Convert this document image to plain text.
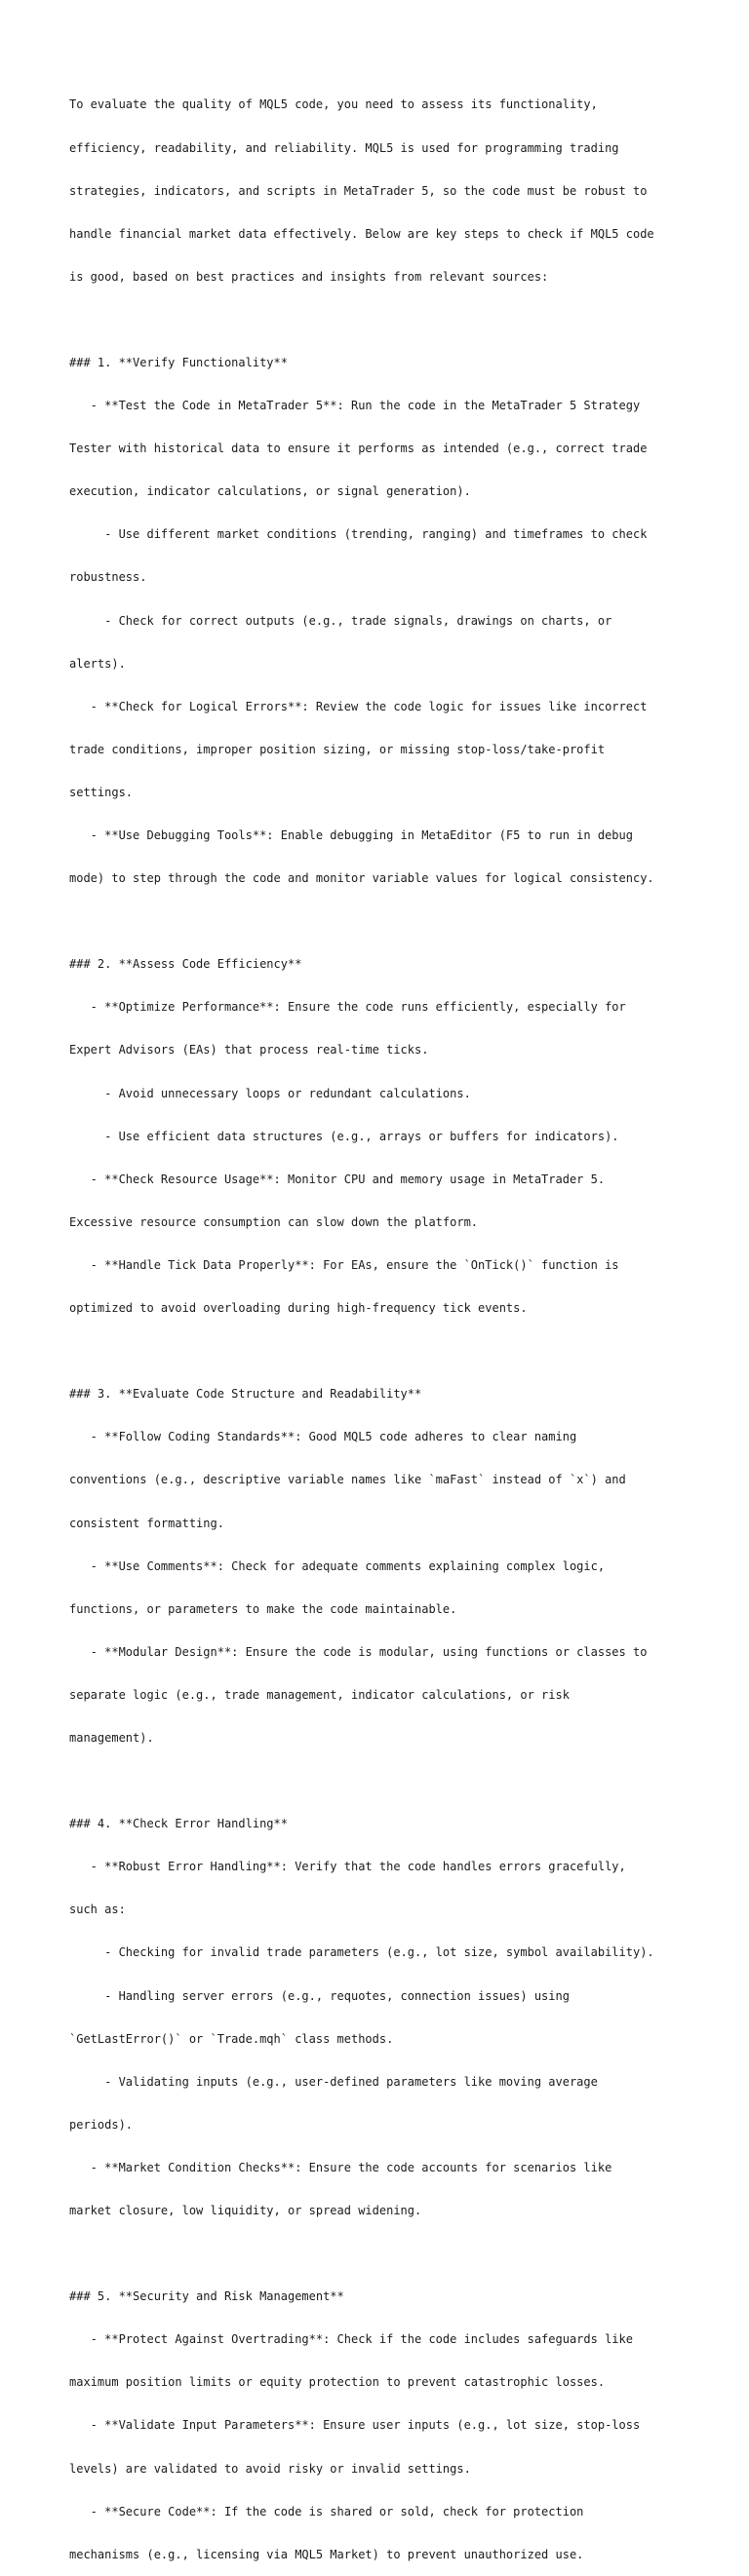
To evaluate the quality of MQL5 code, you need to assess its functionality,

efficiency, readability, and reliability. MQL5 is used for programming trading

strategies, indicators, and scripts in MetaTrader 5, so the code must be robust to

handle financial market data effectively. Below are key steps to check if MQL5 code

is good, based on best practices and insights from relevant sources:

### 1. **Verify Functionality**

- **Test the Code in MetaTrader 5**: Run the code in the MetaTrader 5 Strategy

Tester with historical data to ensure it performs as intended (e.g., correct trade

execution, indicator calculations, or signal generation).

- Use different market conditions (trending, ranging) and timeframes to check

robustness.

- Check for correct outputs (e.g., trade signals, drawings on charts, or

alerts).

- **Check for Logical Errors**: Review the code logic for issues like incorrect

trade conditions, improper position sizing, or missing stop-loss/take-profit

settings.

- **Use Debugging Tools**: Enable debugging in MetaEditor (F5 to run in debug

mode) to step through the code and monitor variable values for logical consistency.

### 2. **Assess Code Efficiency**

- **Optimize Performance**: Ensure the code runs efficiently, especially for

Expert Advisors (EAs) that process real-time ticks.

- Avoid unnecessary loops or redundant calculations.

- Use efficient data structures (e.g., arrays or buffers for indicators).

- **Check Resource Usage**: Monitor CPU and memory usage in MetaTrader 5.

Excessive resource consumption can slow down the platform.

- **Handle Tick Data Properly**: For EAs, ensure the `OnTick()` function is

optimized to avoid overloading during high-frequency tick events.

### 3. **Evaluate Code Structure and Readability**

- **Follow Coding Standards**: Good MQL5 code adheres to clear naming

conventions (e.g., descriptive variable names like `maFast` instead of `x`) and

consistent formatting.

- **Use Comments**: Check for adequate comments explaining complex logic,

functions, or parameters to make the code maintainable.

- **Modular Design**: Ensure the code is modular, using functions or classes to

separate logic (e.g., trade management, indicator calculations, or risk

management).

### 4. **Check Error Handling**

- **Robust Error Handling**: Verify that the code handles errors gracefully,

such as:

- Checking for invalid trade parameters (e.g., lot size, symbol availability).

- Handling server errors (e.g., requotes, connection issues) using

`GetLastError()` or `Trade.mqh` class methods.

- Validating inputs (e.g., user-defined parameters like moving average

periods).

- **Market Condition Checks**: Ensure the code accounts for scenarios like

market closure, low liquidity, or spread widening.

### 5. **Security and Risk Management**

- **Protect Against Overtrading**: Check if the code includes safeguards like

maximum position limits or equity protection to prevent catastrophic losses.

- **Validate Input Parameters**: Ensure user inputs (e.g., lot size, stop-loss

levels) are validated to avoid risky or invalid settings.

- **Secure Code**: If the code is shared or sold, check for protection

mechanisms (e.g., licensing via MQL5 Market) to prevent unauthorized use.
